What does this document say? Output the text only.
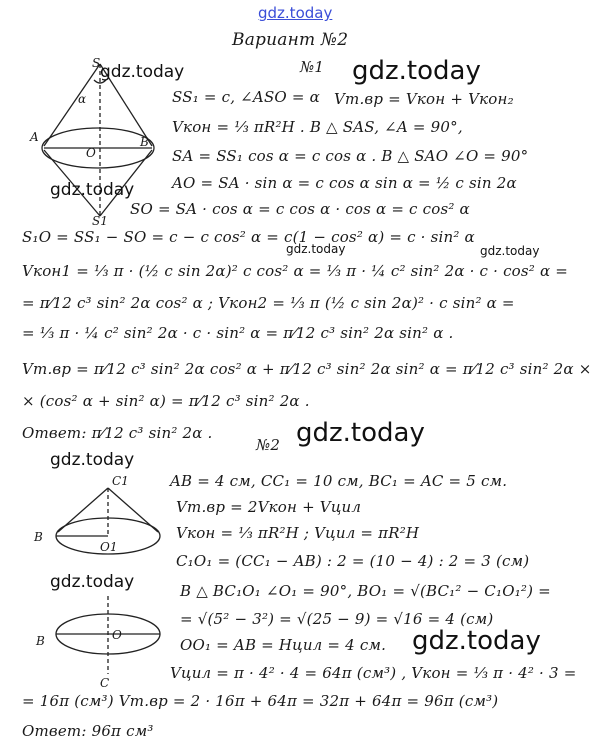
gdz.today
Вариант №2
№1
S
α
A	B
O
S1
SS₁ = c, ∠ASO = α Vт.вр = Vкон + Vкон₂
Vкон = ⅓ πR²H . В △ SAS, ∠A = 90°,
SA = SS₁ cos α = c cos α . В △ SAO ∠O = 90°
AO = SA · sin α = c cos α sin α = ½ c sin 2α
SO = SA · cos α = c cos α · cos α = c cos² α
S₁O = SS₁ − SO = c − c cos² α = c(1 − cos² α) = c · sin² α
Vкон1 = ⅓ π · (½ c sin 2α)² c cos² α = ⅓ π · ¼ c² sin² 2α · c · cos² α =
= π⁄12 c³ sin² 2α cos² α ; Vкон2 = ⅓ π (½ c sin 2α)² · c sin² α =
= ⅓ π · ¼ c² sin² 2α · c · sin² α = π⁄12 c³ sin² 2α sin² α .
Vт.вр = π⁄12 c³ sin² 2α cos² α + π⁄12 c³ sin² 2α sin² α = π⁄12 c³ sin² 2α ×
× (cos² α + sin² α) = π⁄12 c³ sin² 2α .
Ответ: π⁄12 c³ sin² 2α .
№2
C1
B
O1
O
B
C
AB = 4 см, CC₁ = 10 см, BC₁ = AC = 5 см.
Vт.вр = 2Vкон + Vцил
Vкон = ⅓ πR²H ; Vцил = πR²H
C₁O₁ = (CC₁ − AB) : 2 = (10 − 4) : 2 = 3 (см)
В △ BC₁O₁ ∠O₁ = 90°, BO₁ = √(BC₁² − C₁O₁²) =
= √(5² − 3²) = √(25 − 9) = √16 = 4 (см)
OO₁ = AB = Hцил = 4 см.
Vцил = π · 4² · 4 = 64π (см³) , Vкон = ⅓ π · 4² · 3 =
= 16π (см³) Vт.вр = 2 · 16π + 64π = 32π + 64π = 96π (см³)
Ответ: 96π см³
gdz.today	gdz.today
gdz.today
gdz.today	gdz.today
gdz.today
gdz.today
gdz.today
gdz.today
